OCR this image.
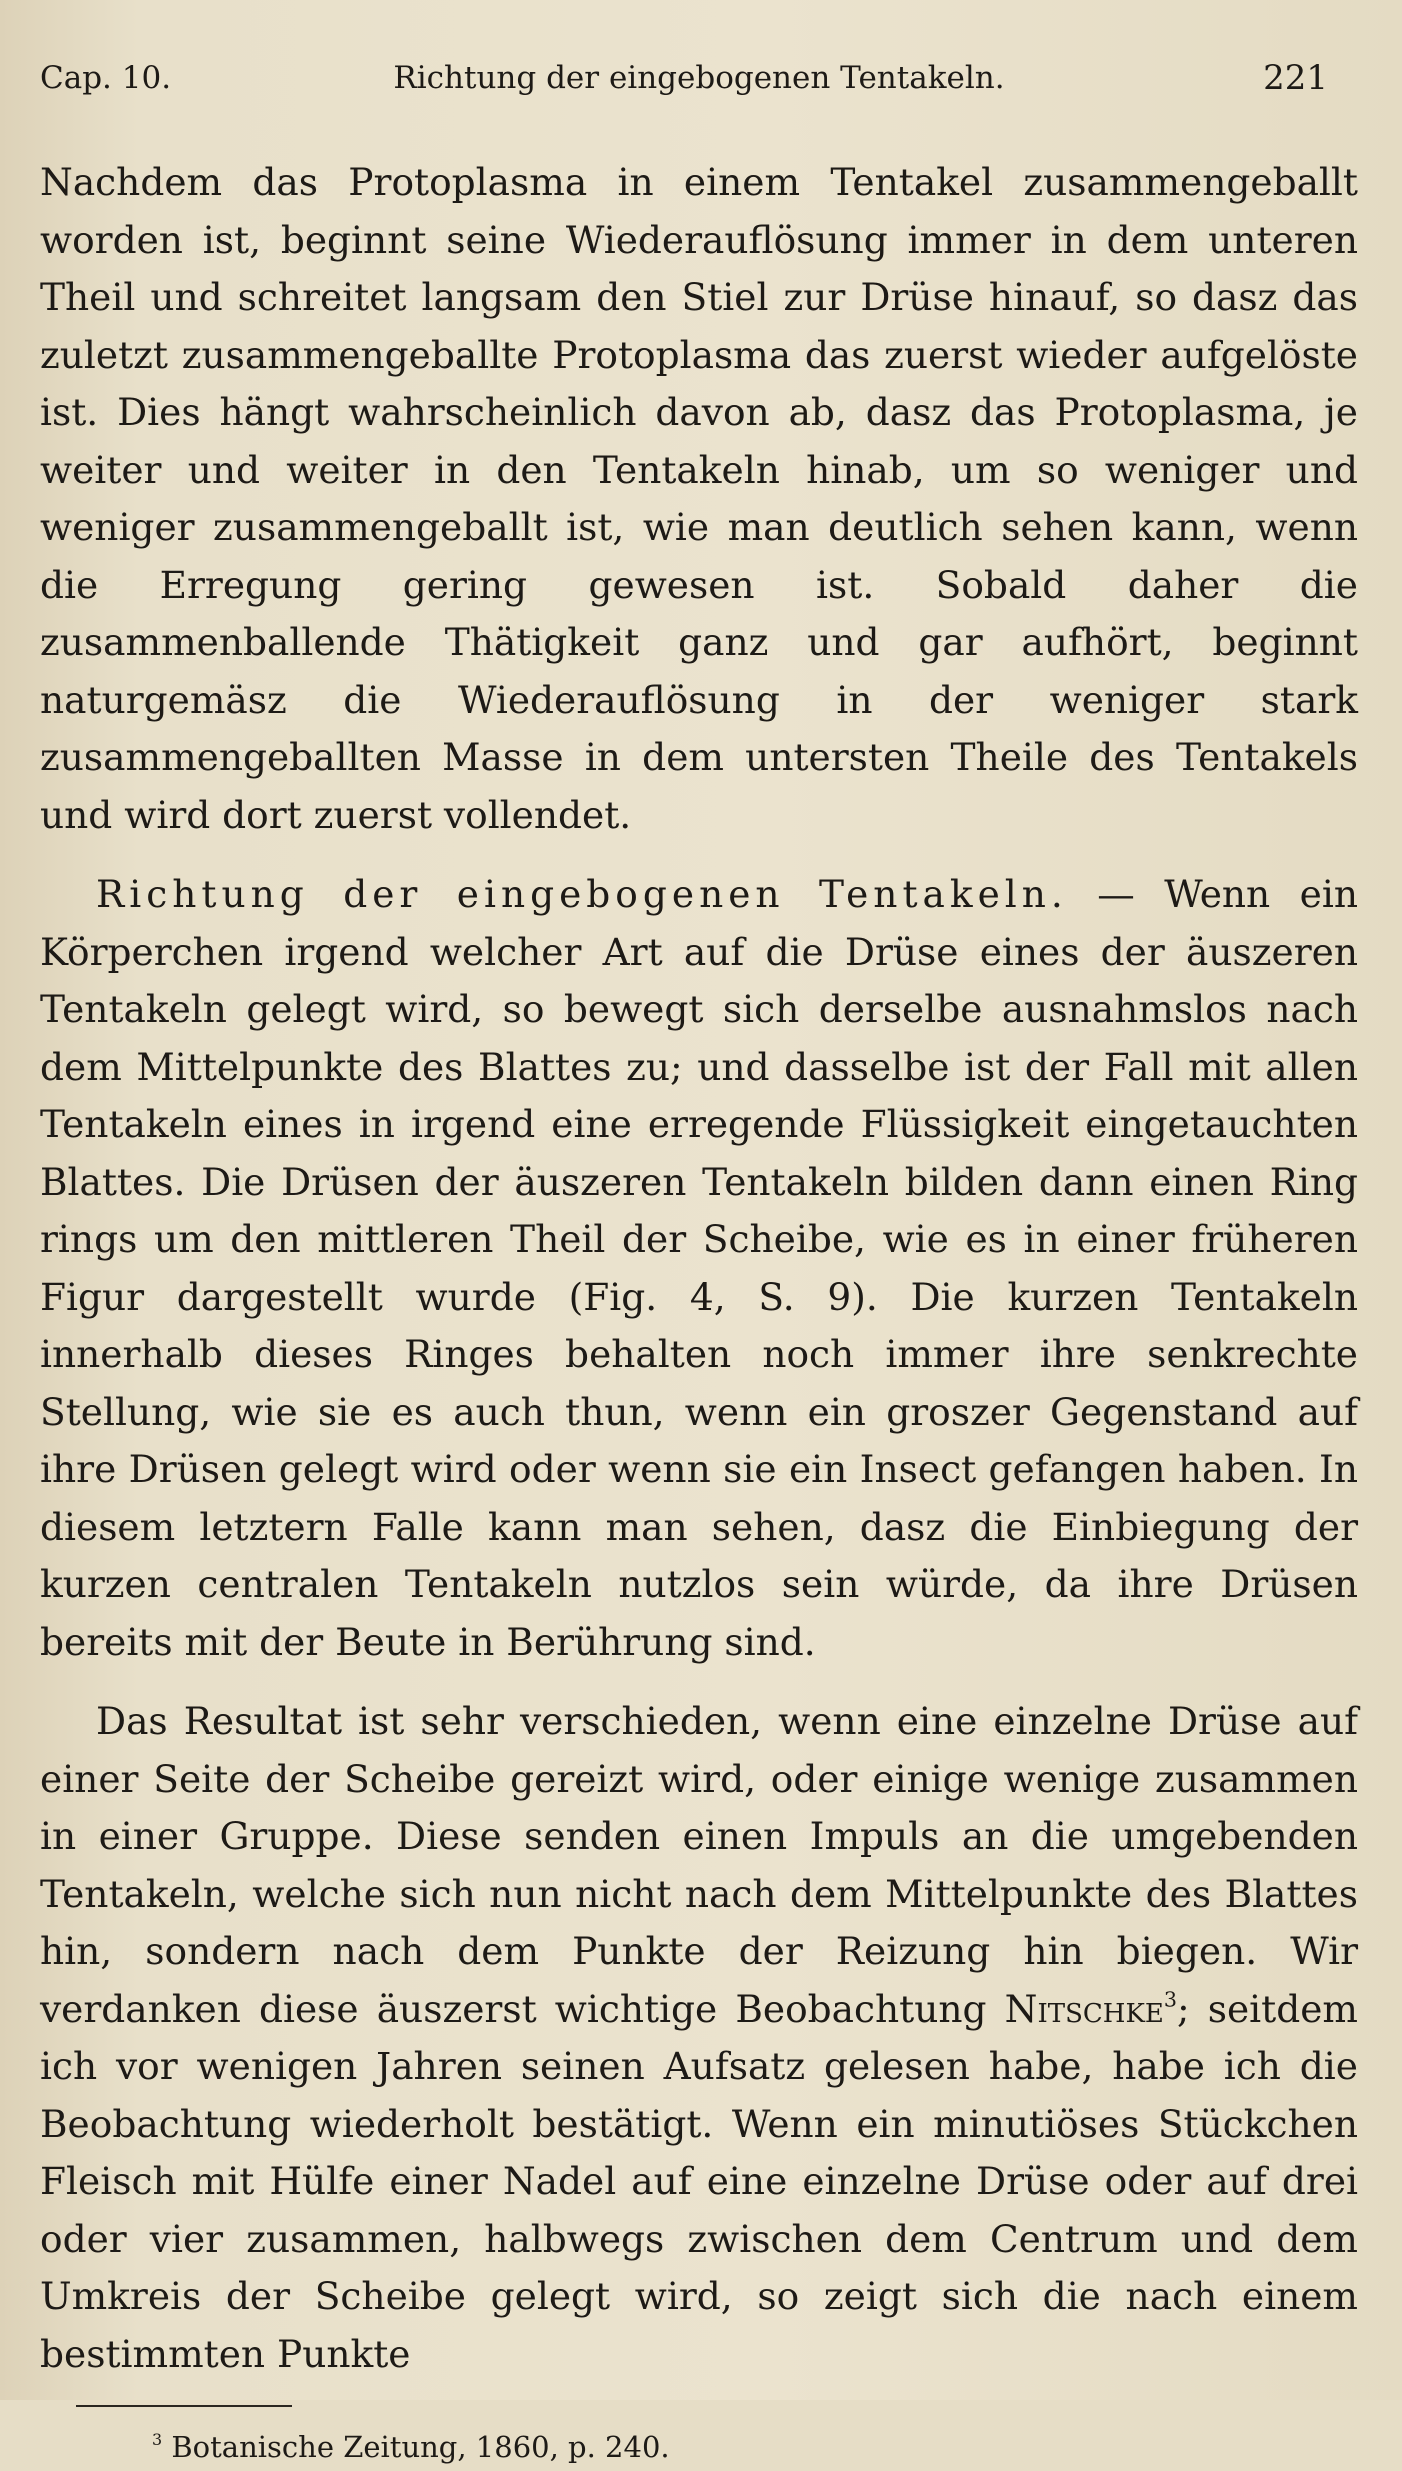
Cap. 10.	Richtung der eingebogenen Tentakeln.	221

Nachdem das Protoplasma in einem Tentakel zusammengeballt worden ist, beginnt seine Wiederauflösung immer in dem unteren Theil und schreitet langsam den Stiel zur Drüse hinauf, so dasz das zuletzt zusammengeballte Protoplasma das zuerst wieder aufgelöste ist. Dies hängt wahrscheinlich davon ab, dasz das Protoplasma, je weiter und weiter in den Tentakeln hinab, um so weniger und weniger zusammengeballt ist, wie man deutlich sehen kann, wenn die Erregung gering gewesen ist. Sobald daher die zusammenballende Thätigkeit ganz und gar aufhört, beginnt naturgemäsz die Wiederauflösung in der weniger stark zusammengeballten Masse in dem untersten Theile des Tentakels und wird dort zuerst vollendet.

Richtung der eingebogenen Tentakeln. — Wenn ein Körperchen irgend welcher Art auf die Drüse eines der äuszeren Tentakeln gelegt wird, so bewegt sich derselbe ausnahmslos nach dem Mittelpunkte des Blattes zu; und dasselbe ist der Fall mit allen Tentakeln eines in irgend eine erregende Flüssigkeit eingetauchten Blattes. Die Drüsen der äuszeren Tentakeln bilden dann einen Ring rings um den mittleren Theil der Scheibe, wie es in einer früheren Figur dargestellt wurde (Fig. 4, S. 9). Die kurzen Tentakeln innerhalb dieses Ringes behalten noch immer ihre senkrechte Stellung, wie sie es auch thun, wenn ein groszer Gegenstand auf ihre Drüsen gelegt wird oder wenn sie ein Insect gefangen haben. In diesem letztern Falle kann man sehen, dasz die Einbiegung der kurzen centralen Tentakeln nutzlos sein würde, da ihre Drüsen bereits mit der Beute in Berührung sind.

Das Resultat ist sehr verschieden, wenn eine einzelne Drüse auf einer Seite der Scheibe gereizt wird, oder einige wenige zusammen in einer Gruppe. Diese senden einen Impuls an die umgebenden Tentakeln, welche sich nun nicht nach dem Mittelpunkte des Blattes hin, sondern nach dem Punkte der Reizung hin biegen. Wir verdanken diese äuszerst wichtige Beobachtung Nitschke$^3$; seitdem ich vor wenigen Jahren seinen Aufsatz gelesen habe, habe ich die Beobachtung wiederholt bestätigt. Wenn ein minutiöses Stückchen Fleisch mit Hülfe einer Nadel auf eine einzelne Drüse oder auf drei oder vier zusammen, halbwegs zwischen dem Centrum und dem Umkreis der Scheibe gelegt wird, so zeigt sich die nach einem bestimmten Punkte

$^3$ Botanische Zeitung, 1860, p. 240.
